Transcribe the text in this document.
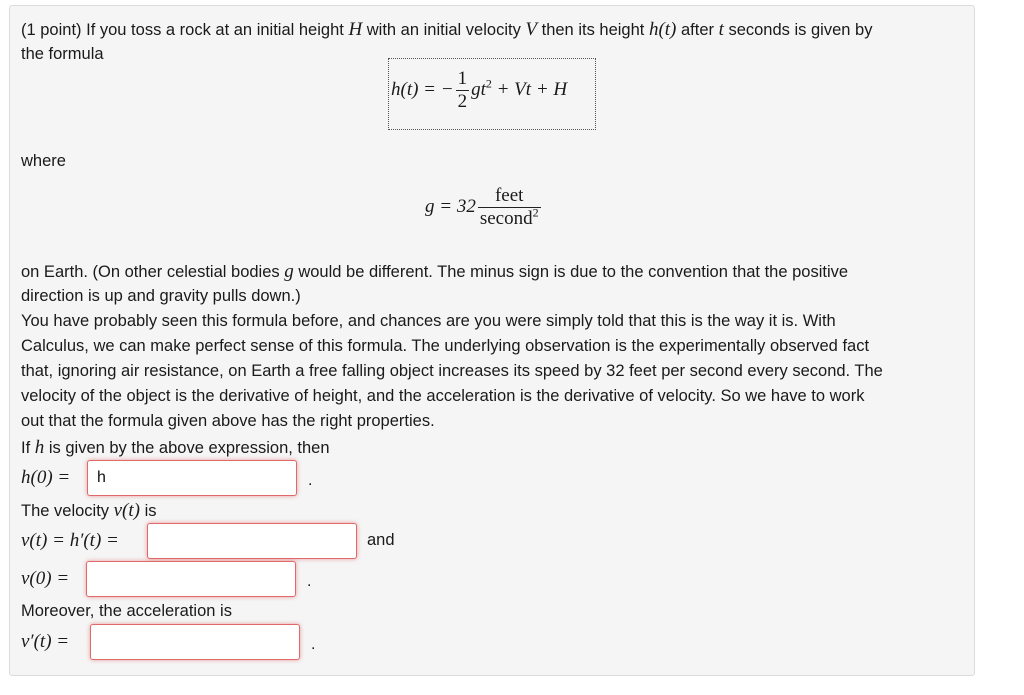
(1 point) If you toss a rock at an initial height H with an initial velocity V then its height h(t) after t seconds is given by
the formula
h(t) = − $\frac{1}{2} gt^2 + Vt + H$
where
$g = 32 \frac{\text{feet}}{second^2}$
on Earth. (On other celestial bodies g would be different. The minus sign is due to the convention that the positive
direction is up and gravity pulls down.)
You have probably seen this formula before, and chances are you were simply told that this is the way it is. With
Calculus, we can make perfect sense of this formula. The underlying observation is the experimentally observed fact
that, ignoring air resistance, on Earth a free falling object increases its speed by 32 feet per second every second. The
velocity of the object is the derivative of height, and the acceleration is the derivative of velocity. So we have to work
out that the formula given above has the right properties.
If h is given by the above expression, then
h(0) =
h	.
The velocity v(t) is
v(t) = h′(t) =	and
v(0) =	.
Moreover, the acceleration is
v′(t) =	.
